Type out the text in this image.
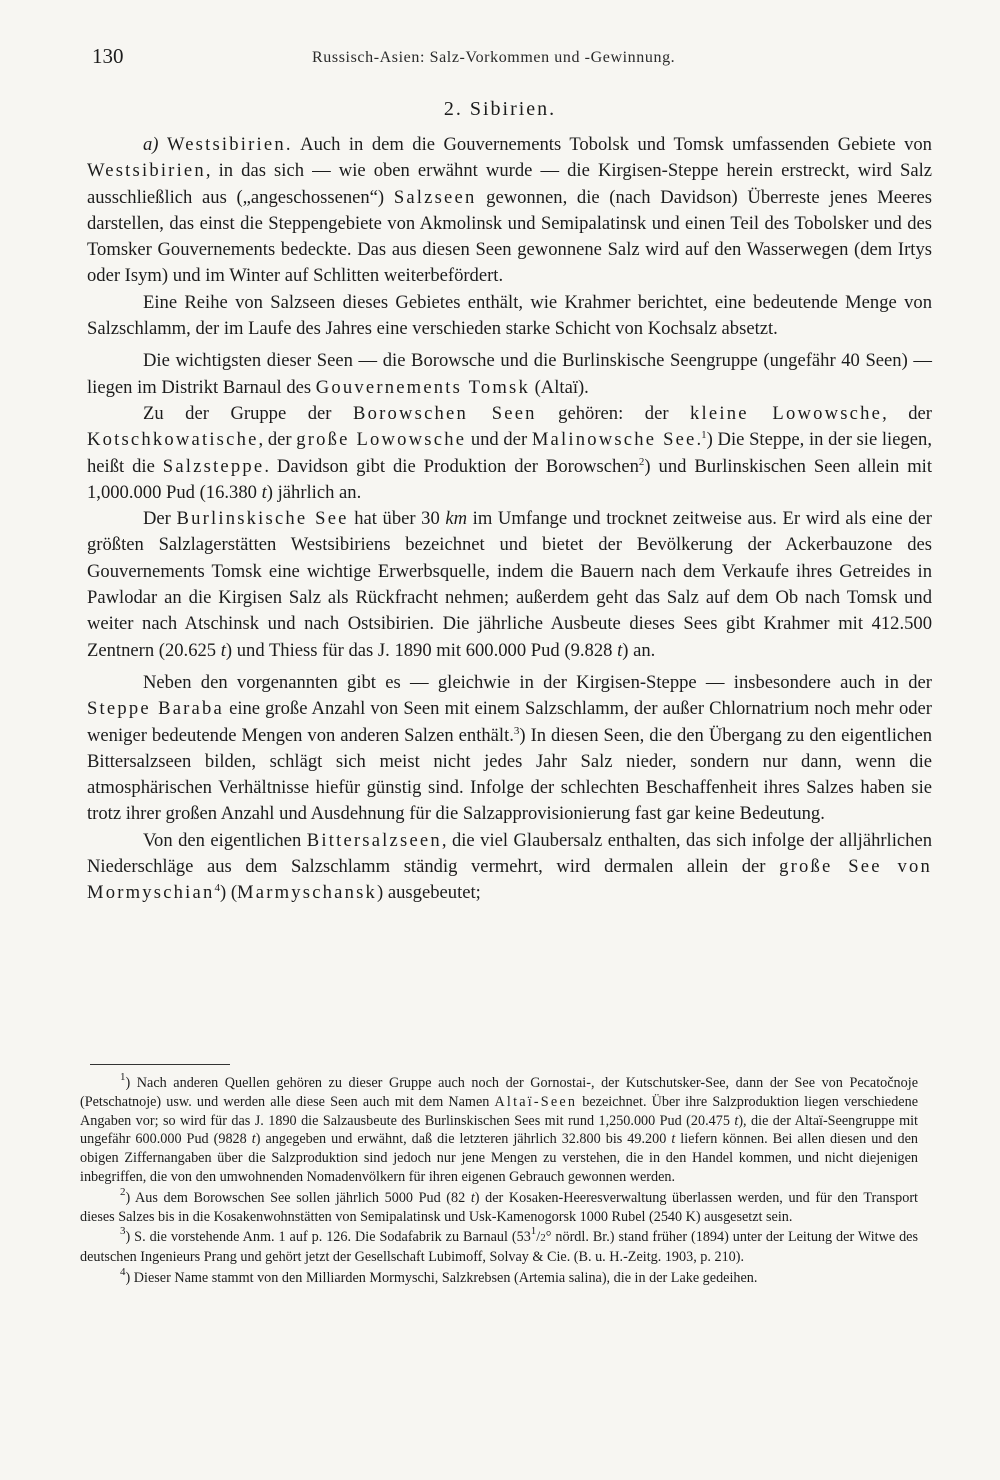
130	Russisch-Asien: Salz-Vorkommen und -Gewinnung.
2. Sibirien.

a) Westsibirien. Auch in dem die Gouvernements Tobolsk und Tomsk umfassenden Gebiete von Westsibirien, in das sich — wie oben erwähnt wurde — die Kirgisen-Steppe herein erstreckt, wird Salz ausschließlich aus („angeschossenen“) Salzseen gewonnen, die (nach Davidson) Überreste jenes Meeres darstellen, das einst die Steppengebiete von Akmolinsk und Semipalatinsk und einen Teil des Tobolsker und des Tomsker Gouvernements bedeckte. Das aus diesen Seen gewonnene Salz wird auf den Wasserwegen (dem Irtys oder Isym) und im Winter auf Schlitten weiterbefördert.

Eine Reihe von Salzseen dieses Gebietes enthält, wie Krahmer berichtet, eine bedeutende Menge von Salzschlamm, der im Laufe des Jahres eine verschieden starke Schicht von Kochsalz absetzt.

Die wichtigsten dieser Seen — die Borowsche und die Burlinskische Seengruppe (ungefähr 40 Seen) — liegen im Distrikt Barnaul des Gouvernements Tomsk (Altaï).

Zu der Gruppe der Borowschen Seen gehören: der kleine Lowowsche, der Kotschkowatische, der große Lowowsche und der Malinowsche See.$^1$) Die Steppe, in der sie liegen, heißt die Salzsteppe. Davidson gibt die Produktion der Borowschen$^2$) und Burlinskischen Seen allein mit 1,000.000 Pud (16.380 t) jährlich an.

Der Burlinskische See hat über 30 km im Umfange und trocknet zeitweise aus. Er wird als eine der größten Salzlagerstätten Westsibiriens bezeichnet und bietet der Bevölkerung der Ackerbauzone des Gouvernements Tomsk eine wichtige Erwerbsquelle, indem die Bauern nach dem Verkaufe ihres Getreides in Pawlodar an die Kirgisen Salz als Rückfracht nehmen; außerdem geht das Salz auf dem Ob nach Tomsk und weiter nach Atschinsk und nach Ostsibirien. Die jährliche Ausbeute dieses Sees gibt Krahmer mit 412.500 Zentnern (20.625 t) und Thiess für das J. 1890 mit 600.000 Pud (9.828 t) an.

Neben den vorgenannten gibt es — gleichwie in der Kirgisen-Steppe — insbesondere auch in der Steppe Baraba eine große Anzahl von Seen mit einem Salzschlamm, der außer Chlornatrium noch mehr oder weniger bedeutende Mengen von anderen Salzen enthält.$^3$) In diesen Seen, die den Übergang zu den eigentlichen Bittersalzseen bilden, schlägt sich meist nicht jedes Jahr Salz nieder, sondern nur dann, wenn die atmosphärischen Verhältnisse hiefür günstig sind. Infolge der schlechten Beschaffenheit ihres Salzes haben sie trotz ihrer großen Anzahl und Ausdehnung für die Salzapprovisionierung fast gar keine Bedeutung.

Von den eigentlichen Bittersalzseen, die viel Glaubersalz enthalten, das sich infolge der alljährlichen Niederschläge aus dem Salzschlamm ständig vermehrt, wird dermalen allein der große See von Mormyschian$^4$) (Marmyschansk) ausgebeutet;

$^1$) Nach anderen Quellen gehören zu dieser Gruppe auch noch der Gornostai-, der Kutschutsker-See, dann der See von Pecatočnoje (Petschatnoje) usw. und werden alle diese Seen auch mit dem Namen Altaï-Seen bezeichnet. Über ihre Salzproduktion liegen verschiedene Angaben vor; so wird für das J. 1890 die Salzausbeute des Burlinskischen Sees mit rund 1,250.000 Pud (20.475 t), die der Altaï-Seengruppe mit ungefähr 600.000 Pud (9828 t) angegeben und erwähnt, daß die letzteren jährlich 32.800 bis 49.200 t liefern können. Bei allen diesen und den obigen Ziffernangaben über die Salzproduktion sind jedoch nur jene Mengen zu verstehen, die in den Handel kommen, und nicht diejenigen inbegriffen, die von den umwohnenden Nomadenvölkern für ihren eigenen Gebrauch gewonnen werden.

$^2$) Aus dem Borowschen See sollen jährlich 5000 Pud (82 t) der Kosaken-Heeresverwaltung überlassen werden, und für den Transport dieses Salzes bis in die Kosakenwohnstätten von Semipalatinsk und Usk-Kamenogorsk 1000 Rubel (2540 K) ausgesetzt sein.

$^3$) S. die vorstehende Anm. 1 auf p. 126. Die Sodafabrik zu Barnaul ($53^1/2^\circ$ nördl. Br.) stand früher (1894) unter der Leitung der Witwe des deutschen Ingenieurs Prang und gehört jetzt der Gesellschaft Lubimoff, Solvay & Cie. (B. u. H.-Zeitg. 1903, p. 210).

$^4$) Dieser Name stammt von den Milliarden Mormyschi, Salzkrebsen (Artemia salina), die in der Lake gedeihen.
